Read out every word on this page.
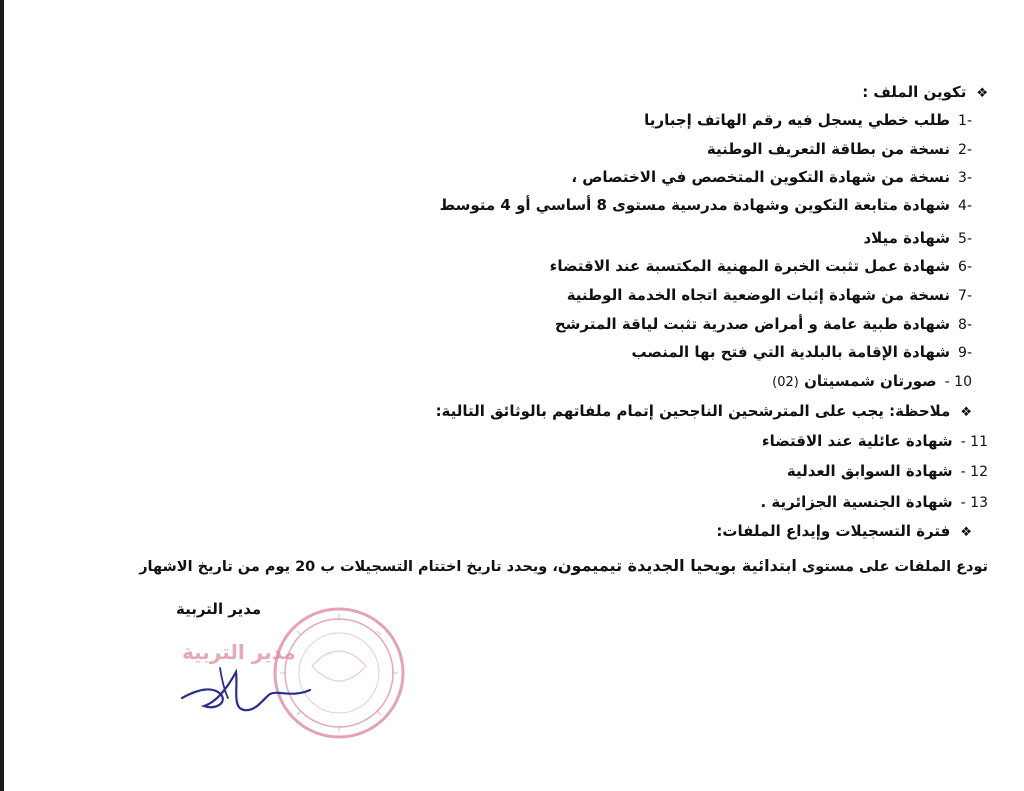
❖تكوين الملف :
-1طلب خطي يسجل فيه رقم الهاتف إجباريا
-2نسخة من بطاقة التعريف الوطنية
-3نسخة من شهادة التكوين المتخصص في الاختصاص ،
-4شهادة متابعة التكوين وشهادة مدرسية مستوى 8 أساسي أو 4 متوسط
-5شهادة ميلاد
-6شهادة عمل تثبت الخبرة المهنية المكتسبة عند الاقتضاء
-7نسخة من شهادة إثبات الوضعية اتجاه الخدمة الوطنية
-8شهادة طبية عامة و أمراض صدرية تثبت لياقة المترشح
-9شهادة الإقامة بالبلدية التي فتح بها المنصب
10 -صورتان شمسيتان (02)
❖ملاحظة: يجب على المترشحين الناجحين إتمام ملفاتهم بالوثائق التالية:
11 -شهادة عائلية عند الاقتضاء
12 -شهادة السوابق العدلية
13 -شهادة الجنسية الجزائرية .
❖فترة التسجيلات وإيداع الملفات:
تودع الملفات على مستوى ابتدائية بويحيا الجديدة تيميمون، ويحدد تاريخ اختتام التسجيلات ب 20 يوم من تاريخ الاشهار
مدير التربية
مدير التربية
